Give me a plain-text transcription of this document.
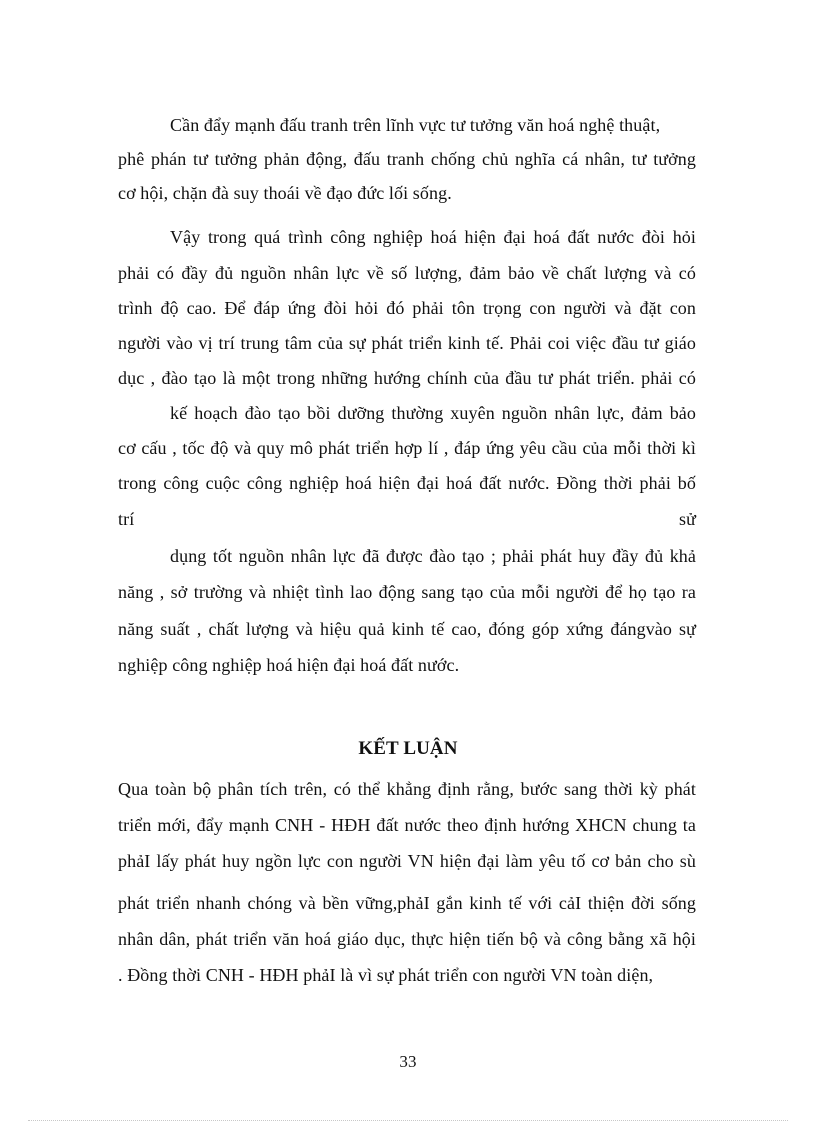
Cần đẩy mạnh đấu tranh trên lĩnh vực tư tưởng văn hoá nghệ thuật,
phê phán tư tưởng phản động, đấu tranh chống chủ nghĩa cá nhân, tư tưởng
cơ hội, chặn đà suy thoái về đạo đức lối sống.
Vậy trong quá trình công nghiệp hoá hiện đại hoá đất nước đòi hỏi
phải có đầy đủ nguồn nhân lực về số lượng, đảm bảo về chất lượng và có
trình độ cao. Để đáp ứng đòi hỏi đó phải tôn trọng con người và đặt con
người vào vị trí trung tâm của sự phát triển kinh tế. Phải coi việc đầu tư giáo
dục , đào tạo là một trong những hướng chính của đầu tư phát triển. phải có
kế hoạch đào tạo bồi dưỡng thường xuyên nguồn nhân lực, đảm bảo
cơ cấu , tốc độ và quy mô phát triển hợp lí , đáp ứng yêu cầu của mỗi thời kì
trong công cuộc công nghiệp hoá hiện đại hoá đất nước. Đồng thời phải bố
trí	sử
dụng tốt nguồn nhân lực đã được đào tạo ; phải phát huy đầy đủ khả
năng , sở trường và nhiệt tình lao động sang tạo của mỗi người để họ tạo ra
năng suất , chất lượng và hiệu quả kinh tế cao, đóng góp xứng đángvào sự
nghiệp công nghiệp hoá hiện đại hoá đất nước.
KẾT LUẬN
Qua toàn bộ phân tích trên, có thể khẳng định rằng, bước sang thời kỳ phát
triển mới, đẩy mạnh CNH - HĐH đất nước theo định hướng XHCN chung ta
phảI lấy phát huy ngồn lực con người VN hiện đại làm yêu tố cơ bản cho sù
phát triển nhanh chóng và bền vững,phảI gắn kinh tế với cảI thiện đời sống
nhân dân, phát triển văn hoá giáo dục, thực hiện tiến bộ và công bằng xã hội
. Đồng thời CNH - HĐH phảI là vì sự phát triển con người VN toàn diện,
33
